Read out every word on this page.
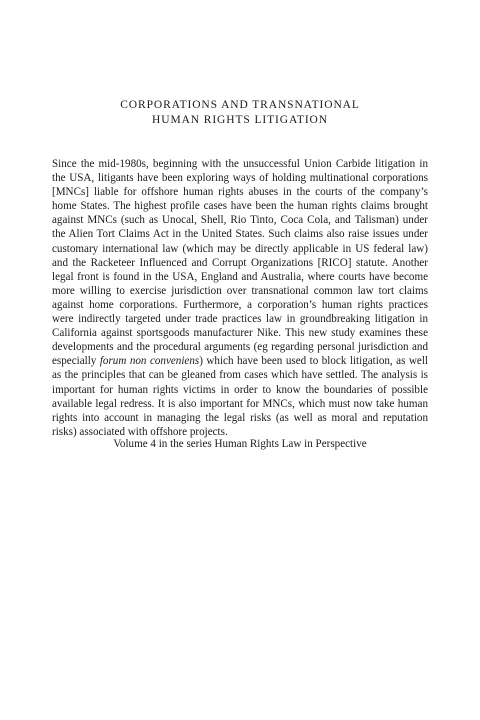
CORPORATIONS AND TRANSNATIONAL
HUMAN RIGHTS LITIGATION

Since the mid-1980s, beginning with the unsuccessful Union Carbide litigation in the USA, litigants have been exploring ways of holding multinational corporations [MNCs] liable for offshore human rights abuses in the courts of the company’s home States. The highest profile cases have been the human rights claims brought against MNCs (such as Unocal, Shell, Rio Tinto, Coca Cola, and Talisman) under the Alien Tort Claims Act in the United States. Such claims also raise issues under customary international law (which may be directly applicable in US federal law) and the Racketeer Influenced and Corrupt Organizations [RICO] statute. Another legal front is found in the USA, England and Australia, where courts have become more willing to exercise jurisdiction over transnational common law tort claims against home corporations. Furthermore, a corporation’s human rights practices were indirectly targeted under trade practices law in groundbreaking litigation in California against sportsgoods manufacturer Nike. This new study examines these developments and the procedural arguments (eg regarding personal jurisdiction and especially forum non conveniens) which have been used to block litigation, as well as the principles that can be gleaned from cases which have settled. The analysis is important for human rights victims in order to know the boundaries of possible available legal redress. It is also important for MNCs, which must now take human rights into account in managing the legal risks (as well as moral and reputation risks) associated with offshore projects.

Volume 4 in the series Human Rights Law in Perspective
